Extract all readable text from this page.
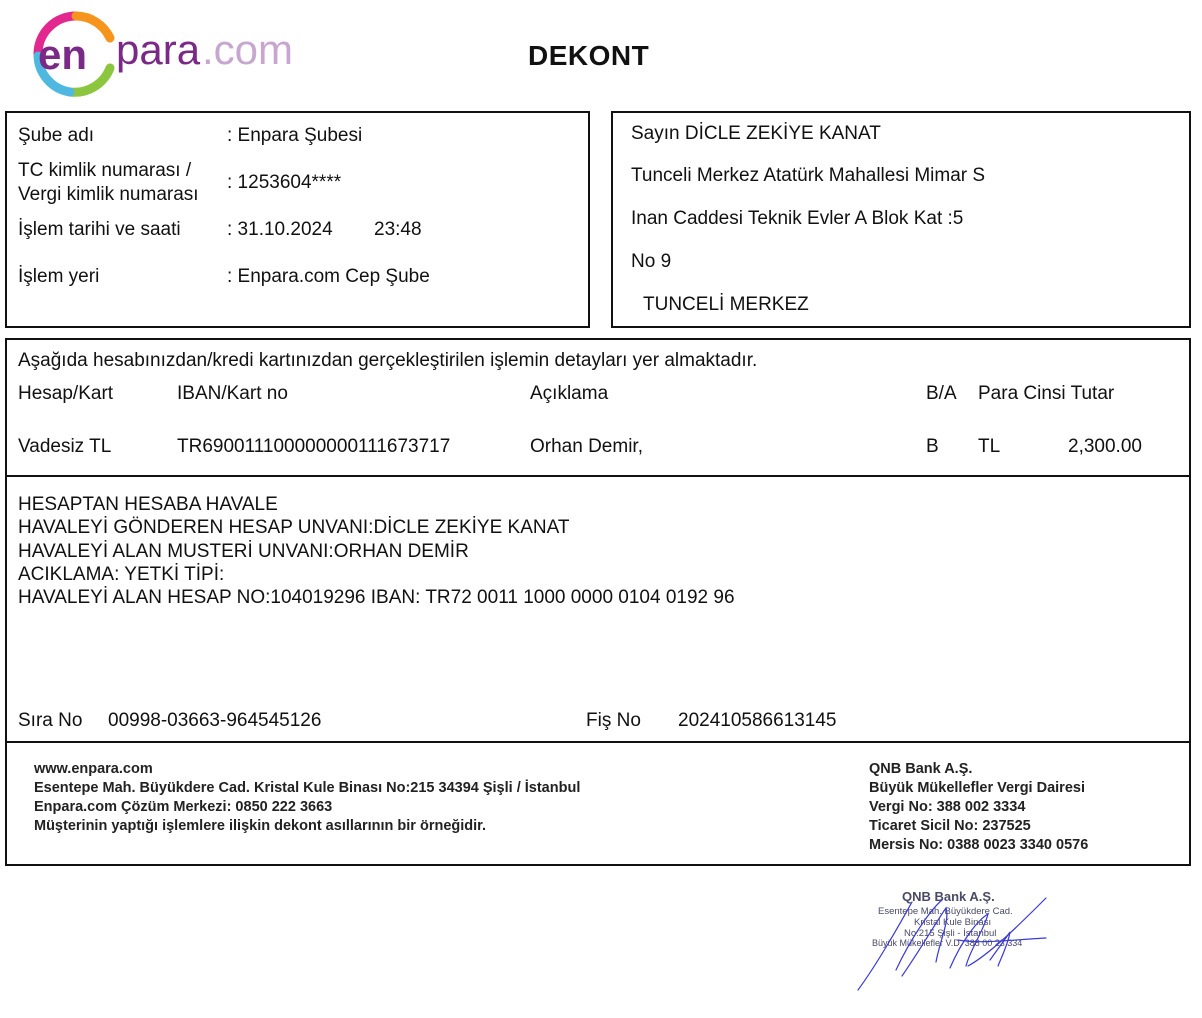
en para .com	DEKONT
Şube adı	: Enpara Şubesi
TC kimlik numarası /
Vergi kimlik numarası
: 1253604****
İşlem tarihi ve saati : 31.10.2024 23:48
İşlem yeri	: Enpara.com Cep Şube
Sayın DİCLE ZEKİYE KANAT
Tunceli Merkez Atatürk Mahallesi Mimar S
Inan Caddesi Teknik Evler A Blok Kat :5
No 9
TUNCELİ MERKEZ
Aşağıda hesabınızdan/kredi kartınızdan gerçekleştirilen işlemin detayları yer almaktadır.
Hesap/Kart	IBAN/Kart no	Açıklama	B/A Para Cinsi Tutar
Vadesiz TL	TR690011100000000111673717	Orhan Demir,	B TL	2,300.00
HESAPTAN HESABA HAVALE
HAVALEYİ GÖNDEREN HESAP UNVANI:DİCLE ZEKİYE KANAT
HAVALEYİ ALAN MUSTERİ UNVANI:ORHAN DEMİR
ACIKLAMA: YETKİ TİPİ:
HAVALEYİ ALAN HESAP NO:104019296 IBAN: TR72 0011 1000 0000 0104 0192 96
Sıra No 00998-03663-964545126	Fiş No 202410586613145
www.enpara.com
Esentepe Mah. Büyükdere Cad. Kristal Kule Binası No:215 34394 Şişli / İstanbul
Enpara.com Çözüm Merkezi: 0850 222 3663
Müşterinin yaptığı işlemlere ilişkin dekont asıllarının bir örneğidir.
QNB Bank A.Ş.
Büyük Mükellefler Vergi Dairesi
Vergi No: 388 002 3334
Ticaret Sicil No: 237525
Mersis No: 0388 0023 3340 0576
QNB Bank A.Ş.
Esentepe Mah. Büyükdere Cad.
Kristal Kule Binası
No:215 Şişli - İstanbul
Büyük Mükellefler V.D. 388 00 23 334
